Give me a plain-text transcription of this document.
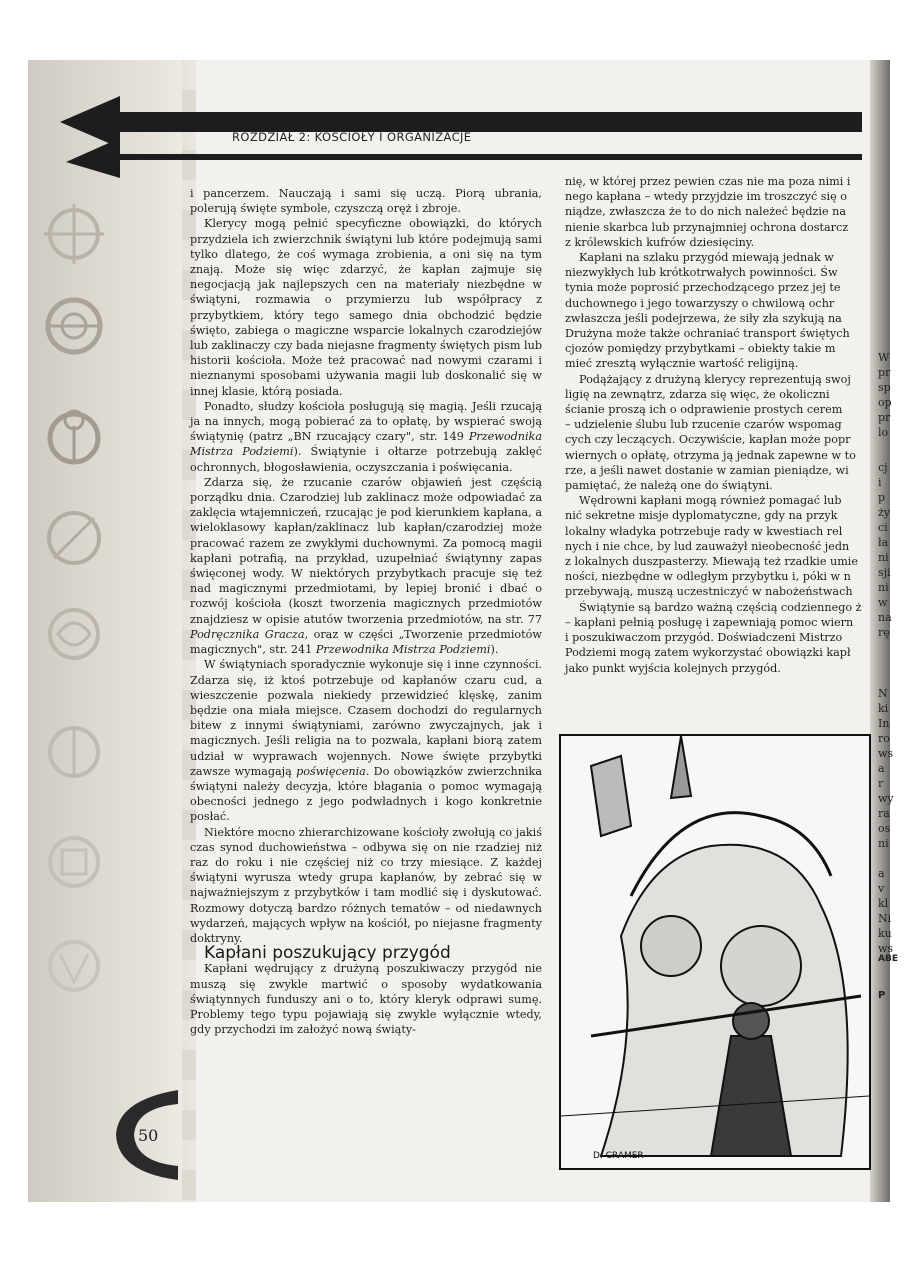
ROZDZIAŁ 2: KOŚCIOŁY I ORGANIZACJE

i pancerzem. Nauczają i sami się uczą. Piorą ubrania, polerują święte symbole, czyszczą oręż i zbroje.

Klerycy mogą pełnić specyficzne obowiązki, do których przydziela ich zwierzchnik świątyni lub które podejmują sami tylko dlatego, że coś wymaga zrobienia, a oni się na tym znają. Może się więc zdarzyć, że kapłan zajmuje się negocjacją jak najlepszych cen na materiały niezbędne w świątyni, rozmawia o przymierzu lub współpracy z przybytkiem, który tego samego dnia obchodzić będzie święto, zabiega o magiczne wsparcie lokalnych czarodziejów lub zaklinaczy czy bada niejasne fragmenty świętych pism lub historii kościoła. Może też pracować nad nowymi czarami i nieznanymi sposobami używania magii lub doskonalić się w innej klasie, którą posiada.

Ponadto, słudzy kościoła posługują się magią. Jeśli rzucają ja na innych, mogą pobierać za to opłatę, by wspierać swoją świątynię (patrz „BN rzucający czary", str. 149 Przewodnika Mistrza Podziemi). Świątynie i ołtarze potrzebują zaklęć ochronnych, błogosławienia, oczyszczania i poświęcania.

Zdarza się, że rzucanie czarów objawień jest częścią porządku dnia. Czarodziej lub zaklinacz może odpowiadać za zaklęcia wtajemniczeń, rzucając je pod kierunkiem kapłana, a wieloklasowy kapłan/zaklinacz lub kapłan/czarodziej może pracować razem ze zwykłymi duchownymi. Za pomocą magii kapłani potrafią, na przykład, uzupełniać świątynny zapas święconej wody. W niektórych przybytkach pracuje się też nad magicznymi przedmiotami, by lepiej bronić i dbać o rozwój kościoła (koszt tworzenia magicznych przedmiotów znajdziesz w opisie atutów tworzenia przedmiotów, na str. 77 Podręcznika Gracza, oraz w części „Tworzenie przedmiotów magicznych", str. 241 Przewodnika Mistrza Podziemi).

W świątyniach sporadycznie wykonuje się i inne czynności. Zdarza się, iż ktoś potrzebuje od kapłanów czaru cud, a wieszczenie pozwala niekiedy przewidzieć klęskę, zanim będzie ona miała miejsce. Czasem dochodzi do regularnych bitew z innymi świątyniami, zarówno zwyczajnych, jak i magicznych. Jeśli religia na to pozwala, kapłani biorą zatem udział w wyprawach wojennych. Nowe święte przybytki zawsze wymagają poświęcenia. Do obowiązków zwierzchnika świątyni należy decyzja, które błagania o pomoc wymagają obecności jednego z jego podwładnych i kogo konkretnie posłać.

Niektóre mocno zhierarchizowane kościoły zwołują co jakiś czas synod duchowieństwa – odbywa się on nie rzadziej niż raz do roku i nie częściej niż co trzy miesiące. Z każdej świątyni wyrusza wtedy grupa kapłanów, by zebrać się w najważniejszym z przybytków i tam modlić się i dyskutować. Rozmowy dotyczą bardzo różnych tematów – od niedawnych wydarzeń, mających wpływ na kościół, po niejasne fragmenty doktryny.

Kapłani poszukujący przygód

Kapłani wędrujący z drużyną poszukiwaczy przygód nie muszą się zwykle martwić o sposoby wydatkowania świątynnych funduszy ani o to, który kleryk odprawi sumę. Problemy tego typu pojawiają się zwykle wyłącznie wtedy, gdy przychodzi im założyć nową świąty-

nię, w której przez pewien czas nie ma poza nimi i
nego kapłana – wtedy przyjdzie im troszczyć się o
niądze, zwłaszcza że to do nich należeć będzie na
nienie skarbca lub przynajmniej ochrona dostarcz
z królewskich kufrów dziesięciny.
Kapłani na szlaku przygód miewają jednak w
niezwykłych lub krótkotrwałych powinności. Św
tynia może poprosić przechodzącego przez jej te
duchownego i jego towarzyszy o chwilową ochr
zwłaszcza jeśli podejrzewa, że siły zła szykują na
Drużyna może także ochraniać transport świętych
cjozów pomiędzy przybytkami – obiekty takie m
mieć zresztą wyłącznie wartość religijną.
Podążający z drużyną klerycy reprezentują swoj
ligię na zewnątrz, zdarza się więc, że okoliczni
ścianie proszą ich o odprawienie prostych cerem
– udzielenie ślubu lub rzucenie czarów wspomag
cych czy leczących. Oczywiście, kapłan może popr
wiernych o opłatę, otrzyma ją jednak zapewne w to
rze, a jeśli nawet dostanie w zamian pieniądze, wi
pamiętać, że należą one do świątyni.
Wędrowni kapłani mogą również pomagać lub
nić sekretne misje dyplomatyczne, gdy na przyk
lokalny władyka potrzebuje rady w kwestiach rel
nych i nie chce, by lud zauważył nieobecność jedn
z lokalnych duszpasterzy. Miewają też rzadkie umie
ności, niezbędne w odległym przybytku i, póki w n
przebywają, muszą uczestniczyć w nabożeństwach
Świątynie są bardzo ważną częścią codziennego ż
– kapłani pełnią posługę i zapewniają pomoc wiern
i poszukiwaczom przygód. Doświadczeni Mistrzo
Podziemi mogą zatem wykorzystać obowiązki kapł
jako punkt wyjścia kolejnych przygód.
D. CRAMER
W
pr
sp
op
pr
lo
cj
i p
ży
ci
ła
ni
sji
ni
w
na
rę
N
ki
In
ro
ws
a r
wy
ra
os
ni
a v
kl
Ni
ku
ws
ABE
P
50
